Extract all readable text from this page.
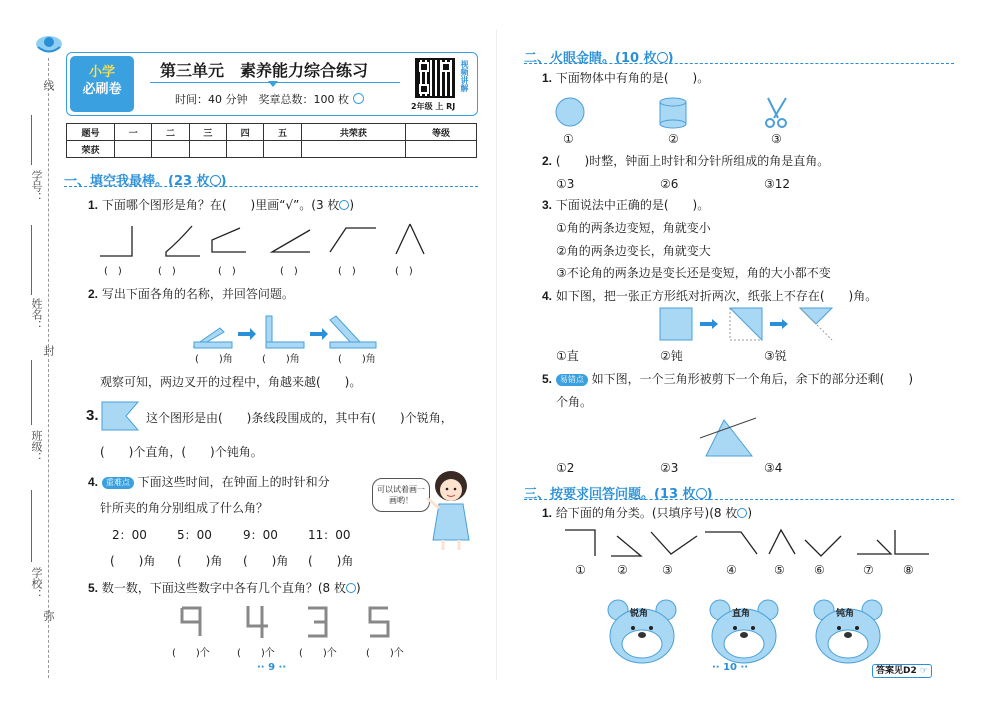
线
封
弥
学号：
姓名：
班级：
学校：
小学
必刷卷
第三单元　素养能力综合练习
时间：40 分钟　奖章总数：100 枚
视频讲解
2年级 上 RJ
题号	一	二	三	四	五	共荣获	等级
荣获							
一、填空我最棒。(23 枚 )
1. 下面哪个图形是角？在(　　)里画“√”。(3 枚 )
(　)	(　)	(　)	(　)	(　)	(　)
2. 写出下面各角的名称，并回答问题。
(　　)角	(　　)角	(　　)角
观察可知，两边叉开的过程中，角越来越(　　)。
3.	这个图形是由(　　)条线段围成的，其中有(　　)个锐角，
(　　)个直角，(　　)个钝角。
4. 重难点 下面这些时间，在钟面上的时针和分
针所夹的角分别组成了什么角？
2：00	5：00	9：00	11：00
(　　)角 (　　)角 (　　)角 (　　)角
可以试着画一画哟！
5. 数一数，下面这些数字中各有几个直角？(8 枚 )
(　　)个	(　　)个 (　　)个	(　　)个
·· 9 ··
二、火眼金睛。(10 枚 )
1. 下面物体中有角的是(　　)。
①	②	③
2. (　　)时整，钟面上时针和分针所组成的角是直角。
①3	②6	③12
3. 下面说法中正确的是(　　)。
①角的两条边变短，角就变小
②角的两条边变长，角就变大
③不论角的两条边是变长还是变短，角的大小都不变
4. 如下图，把一张正方形纸对折两次，纸张上不存在(　　)角。
①直	②钝	③锐
5. 易错点 如下图，一个三角形被剪下一个角后，余下的部分还剩(　　)
个角。
①2	②3	③4
三、按要求回答问题。(13 枚 )
1. 给下面的角分类。(只填序号)(8 枚 )
①	②	③	④	⑤ ⑥	⑦ ⑧
锐角	直角	钝角
·· 10 ··	答案见D2 ☞
